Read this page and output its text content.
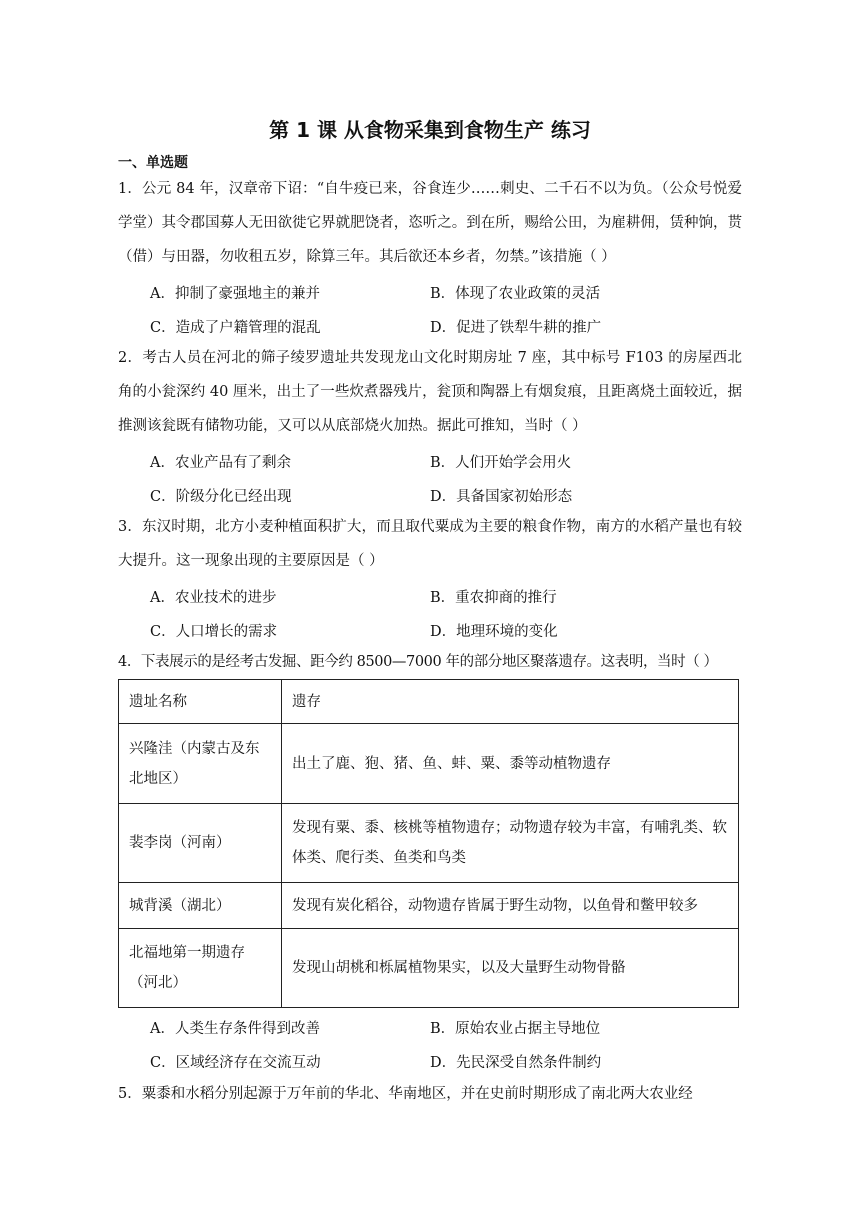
第 1 课 从食物采集到食物生产 练习
一、单选题
1．公元 84 年，汉章帝下诏：“自牛疫已来，谷食连少……刺史、二千石不以为负。（公众号悦爱学堂）其令郡国募人无田欲徙它界就肥饶者，恣听之。到在所，赐给公田，为雇耕佣，赁种饷，贳（借）与田器，勿收租五岁，除算三年。其后欲还本乡者，勿禁。”该措施（ ）
A．抑制了豪强地主的兼并	B．体现了农业政策的灵活
C．造成了户籍管理的混乱	D．促进了铁犁牛耕的推广
2．考古人员在河北的筛子绫罗遗址共发现龙山文化时期房址 7 座，其中标号 F103 的房屋西北角的小瓮深约 40 厘米，出土了一些炊煮器残片，瓮顶和陶器上有烟炱痕，且距离烧土面较近，据推测该瓮既有储物功能，又可以从底部烧火加热。据此可推知，当时（ ）
A．农业产品有了剩余	B．人们开始学会用火
C．阶级分化已经出现	D．具备国家初始形态
3．东汉时期，北方小麦种植面积扩大，而且取代粟成为主要的粮食作物，南方的水稻产量也有较大提升。这一现象出现的主要原因是（ ）
A．农业技术的进步	B．重农抑商的推行
C．人口增长的需求	D．地理环境的变化
4．下表展示的是经考古发掘、距今约 8500—7000 年的部分地区聚落遗存。这表明，当时（ ）
遗址名称	遗存
兴隆洼（内蒙古及东北地区）	出土了鹿、狍、猪、鱼、蚌、粟、黍等动植物遗存
裴李岗（河南）	发现有粟、黍、核桃等植物遗存；动物遗存较为丰富，有哺乳类、软体类、爬行类、鱼类和鸟类
城背溪（湖北）	发现有炭化稻谷，动物遗存皆属于野生动物，以鱼骨和鳖甲较多
北福地第一期遗存（河北）	发现山胡桃和栎属植物果实，以及大量野生动物骨骼
A．人类生存条件得到改善	B．原始农业占据主导地位
C．区域经济存在交流互动	D．先民深受自然条件制约
5．粟黍和水稻分别起源于万年前的华北、华南地区，并在史前时期形成了南北两大农业经
